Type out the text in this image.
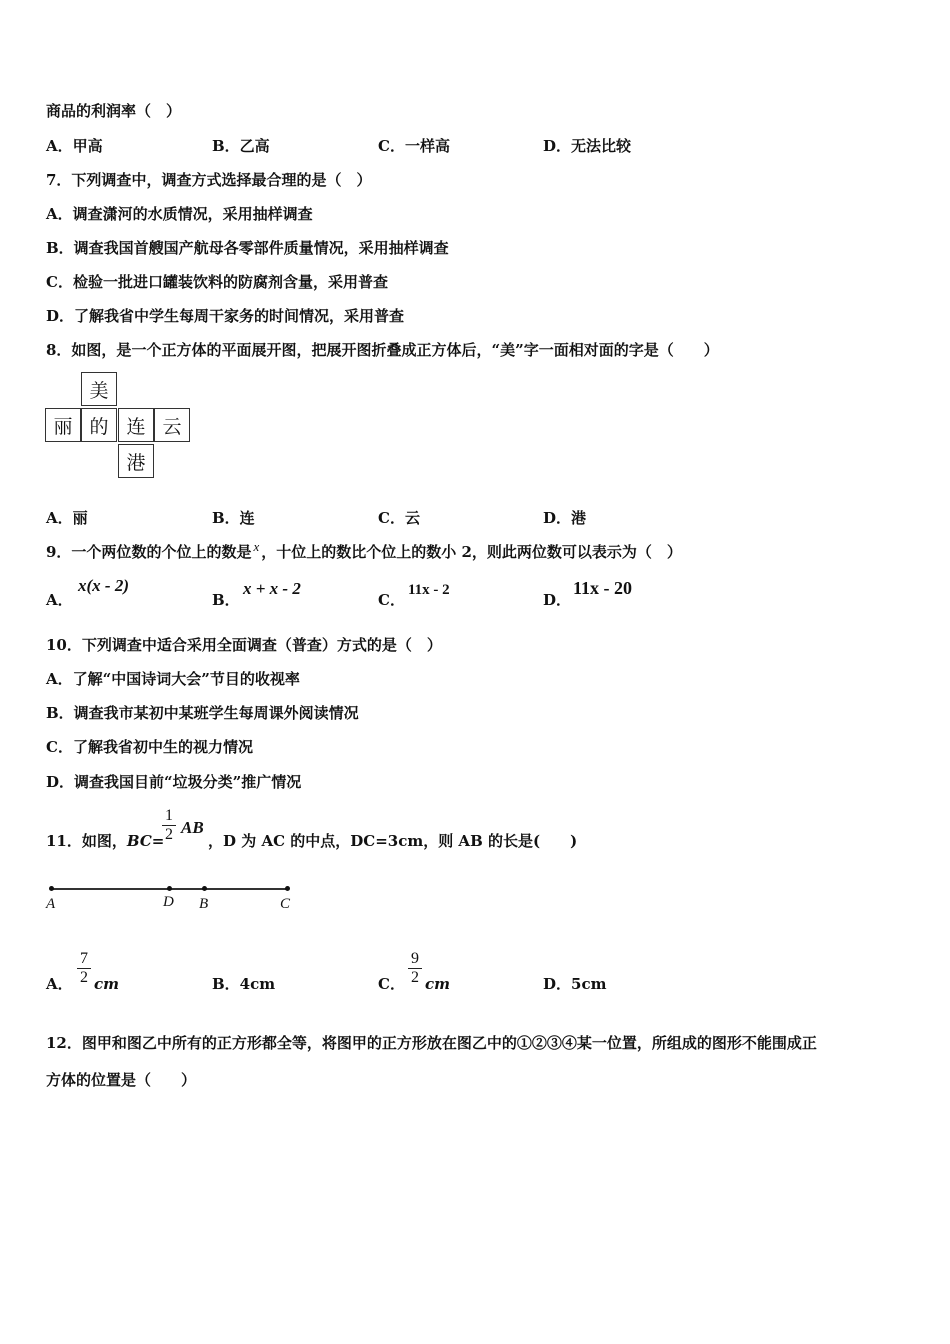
商品的利润率（　）
A．甲高	B．乙高	C．一样高	D．无法比较
7．下列调查中，调查方式选择最合理的是（　）
A．调查潇河的水质情况，采用抽样调查
B．调查我国首艘国产航母各零部件质量情况，采用抽样调查
C．检验一批进口罐装饮料的防腐剂含量，采用普查
D．了解我省中学生每周干家务的时间情况，采用普查
8．如图，是一个正方体的平面展开图，把展开图折叠成正方体后，“美”字一面相对面的字是（　　）
美
丽 的 连 云
港
A．丽	B．连	C．云	D．港
9．一个两位数的个位上的数是 x ，十位上的数比个位上的数小 2，则此两位数可以表示为（　）
A．
x(x - 2)
B．
x + x - 2
C．
11x - 2
D．
11x - 20
10．下列调查中适合采用全面调查（普查）方式的是（　）
A．了解“中国诗词大会”节目的收视率
B．调查我市某初中某班学生每周课外阅读情况
C．了解我省初中生的视力情况
D．调查我国目前“垃圾分类”推广情况
11．如图，BC=
1
2 AB
，D 为 AC 的中点，DC=3cm，则 AB 的长是(　　)
A	D B	C
A．
7
2 cm	B．4cm	C．
9
2 cm	D．5cm
12．图甲和图乙中所有的正方形都全等，将图甲的正方形放在图乙中的①②③④某一位置，所组成的图形不能围成正
方体的位置是（　　）
